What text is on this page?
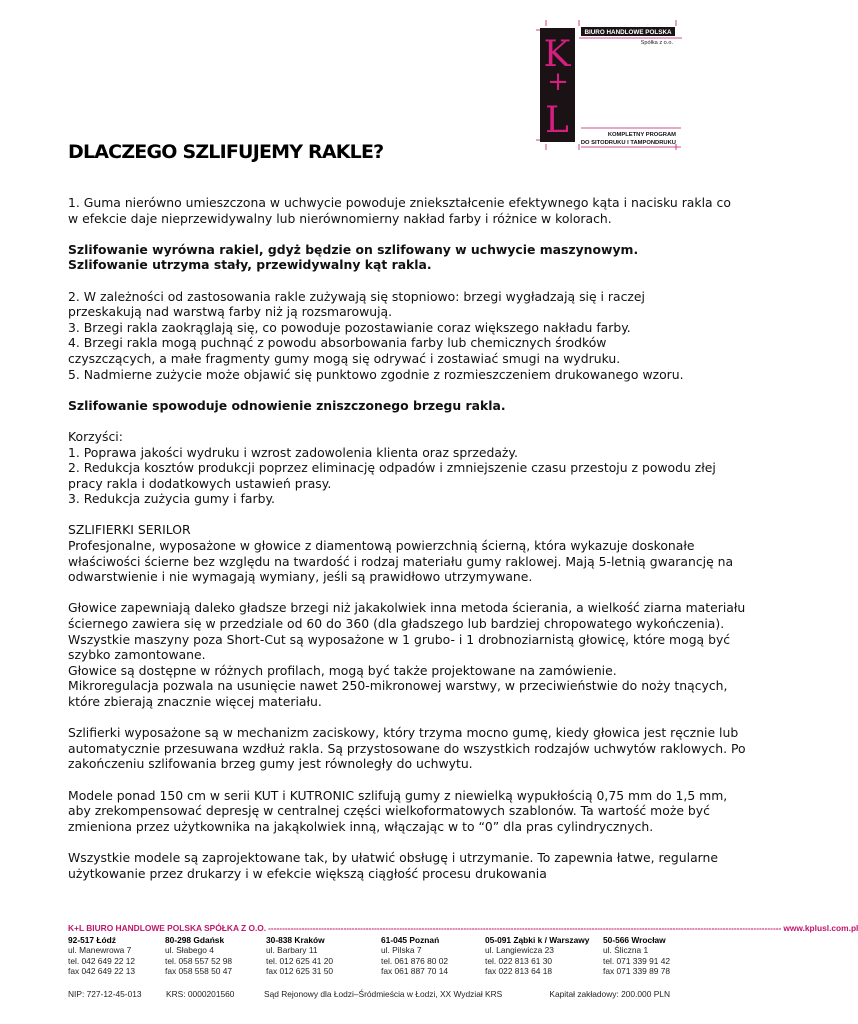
K
+
L
BIURO HANDLOWE POLSKA
Spółka z o.o.
KOMPLETNY PROGRAM
DO SITODRUKU I TAMPONDRUKU
DLACZEGO SZLIFUJEMY RAKLE?

1. Guma nierówno umieszczona w uchwycie powoduje zniekształcenie efektywnego kąta i nacisku rakla co
w efekcie daje nieprzewidywalny lub nierównomierny nakład farby i różnice w kolorach.

Szlifowanie wyrówna rakiel, gdyż będzie on szlifowany w uchwycie maszynowym.
Szlifowanie utrzyma stały, przewidywalny kąt rakla.

2. W zależności od zastosowania rakle zużywają się stopniowo: brzegi wygładzają się i raczej
przeskakują nad warstwą farby niż ją rozsmarowują.
3. Brzegi rakla zaokrąglają się, co powoduje pozostawianie coraz większego nakładu farby.
4. Brzegi rakla mogą puchnąć z powodu absorbowania farby lub chemicznych środków
czyszczących, a małe fragmenty gumy mogą się odrywać i zostawiać smugi na wydruku.
5. Nadmierne zużycie może objawić się punktowo zgodnie z rozmieszczeniem drukowanego wzoru.

Szlifowanie spowoduje odnowienie zniszczonego brzegu rakla.

Korzyści:
1. Poprawa jakości wydruku i wzrost zadowolenia klienta oraz sprzedaży.
2. Redukcja kosztów produkcji poprzez eliminację odpadów i zmniejszenie czasu przestoju z powodu złej
pracy rakla i dodatkowych ustawień prasy.
3. Redukcja zużycia gumy i farby.

SZLIFIERKI SERILOR
Profesjonalne, wyposażone w głowice z diamentową powierzchnią ścierną, która wykazuje doskonałe
właściwości ścierne bez względu na twardość i rodzaj materiału gumy raklowej. Mają 5-letnią gwarancję na
odwarstwienie i nie wymagają wymiany, jeśli są prawidłowo utrzymywane.

Głowice zapewniają daleko gładsze brzegi niż jakakolwiek inna metoda ścierania, a wielkość ziarna materiału
ściernego zawiera się w przedziale od 60 do 360 (dla gładszego lub bardziej chropowatego wykończenia).
Wszystkie maszyny poza Short-Cut są wyposażone w 1 grubo- i 1 drobnoziarnistą głowicę, które mogą być
szybko zamontowane.
Głowice są dostępne w różnych profilach, mogą być także projektowane na zamówienie.
Mikroregulacja pozwala na usunięcie nawet 250-mikronowej warstwy, w przeciwieństwie do noży tnących,
które zbierają znacznie więcej materiału.

Szlifierki wyposażone są w mechanizm zaciskowy, który trzyma mocno gumę, kiedy głowica jest ręcznie lub
automatycznie przesuwana wzdłuż rakla. Są przystosowane do wszystkich rodzajów uchwytów raklowych. Po
zakończeniu szlifowania brzeg gumy jest równoległy do uchwytu.

Modele ponad 150 cm w serii KUT i KUTRONIC szlifują gumy z niewielką wypukłością 0,75 mm do 1,5 mm,
aby zrekompensować depresję w centralnej części wielkoformatowych szablonów. Ta wartość może być
zmieniona przez użytkownika na jakąkolwiek inną, włączając w to “0” dla pras cylindrycznych.

Wszystkie modele są zaprojektowane tak, by ułatwić obsługę i utrzymanie. To zapewnia łatwe, regularne
użytkowanie przez drukarzy i w efekcie większą ciągłość procesu drukowania

K+L BIURO HANDLOWE POLSKA SPÓŁKA Z O.O. ---------------------------------------------------------------------------------------------------------------------------------------------------------------------------------------- www.kplusl.com.pl
92-517 Łódź
ul. Manewrowa 7
tel. 042 649 22 12
fax 042 649 22 13
80-298 Gdańsk
ul. Słabego 4
tel. 058 557 52 98
fax 058 558 50 47
30-838 Kraków
ul. Barbary 11
tel. 012 625 41 20
fax 012 625 31 50
61-045 Poznań
ul. Pilska 7
tel. 061 876 80 02
fax 061 887 70 14
05-091 Ząbki k / Warszawy
ul. Langiewicza 23
tel. 022 813 61 30
fax 022 813 64 18
50-566 Wrocław
ul. Śliczna 1
tel. 071 339 91 42
fax 071 339 89 78
NIP: 727-12-45-013	KRS: 0000201560	Sąd Rejonowy dla Łodzi–Śródmieścia w Łodzi, XX Wydział KRS	Kapitał zakładowy: 200.000 PLN
